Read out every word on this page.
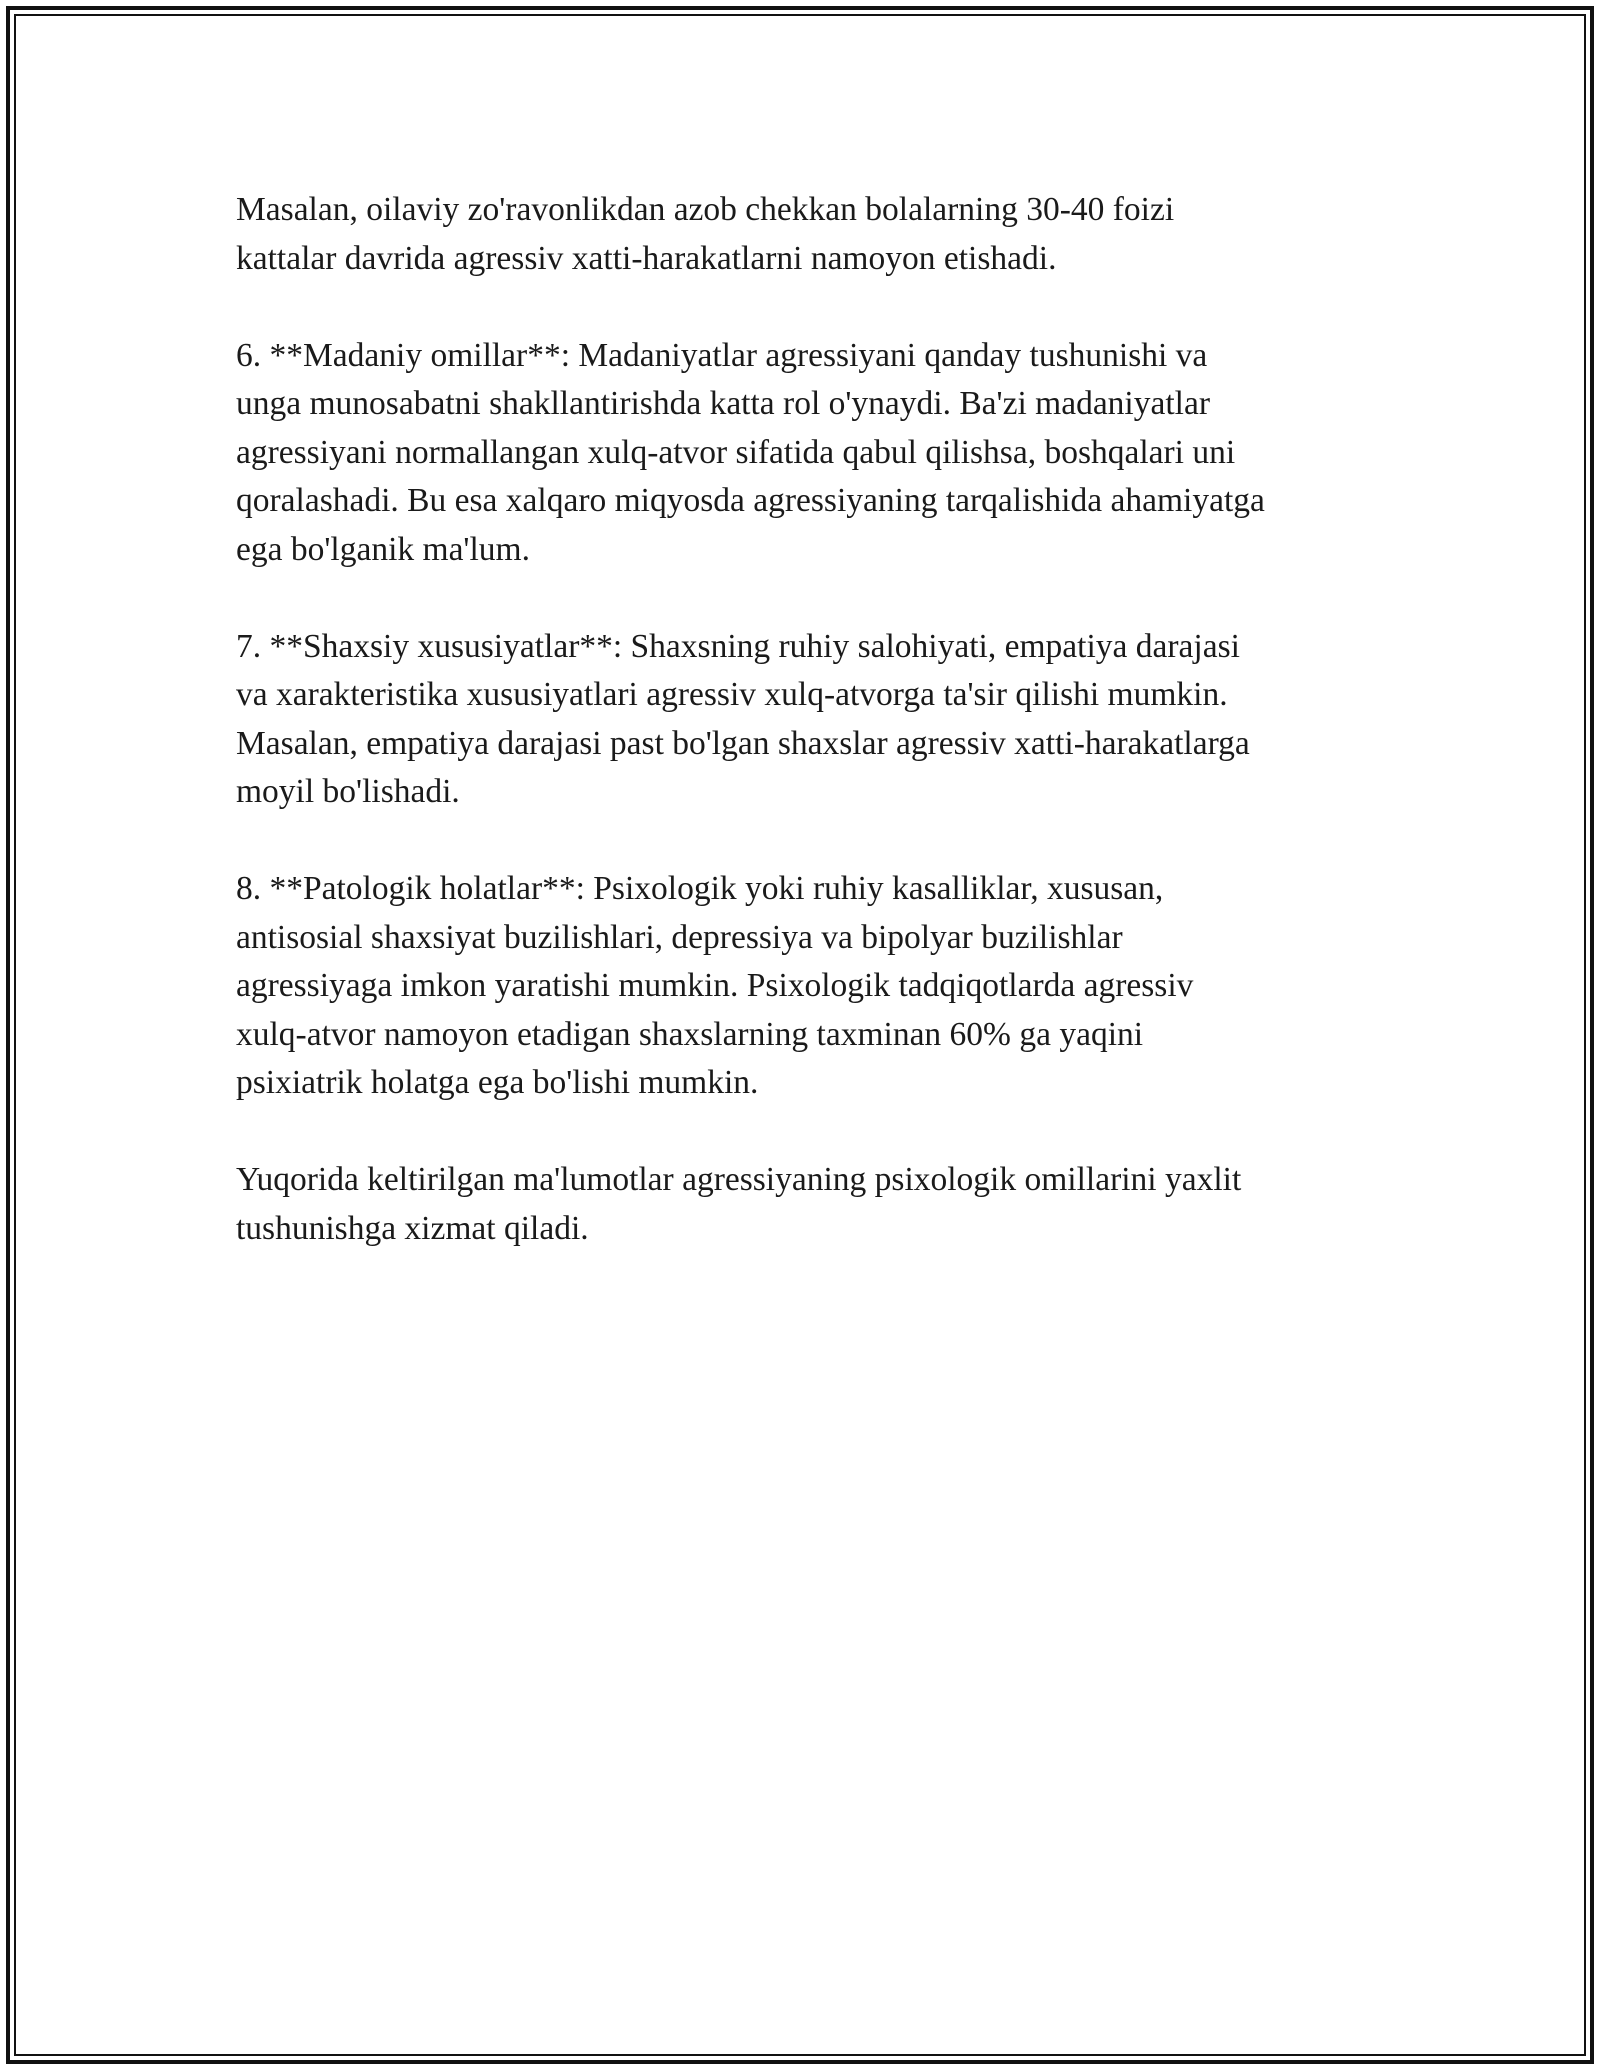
Masalan, oilaviy zo'ravonlikdan azob chekkan bolalarning 30-40 foizi
kattalar davrida agressiv xatti-harakatlarni namoyon etishadi.

6. **Madaniy omillar**: Madaniyatlar agressiyani qanday tushunishi va
unga munosabatni shakllantirishda katta rol o'ynaydi. Ba'zi madaniyatlar
agressiyani normallangan xulq-atvor sifatida qabul qilishsa, boshqalari uni
qoralashadi. Bu esa xalqaro miqyosda agressiyaning tarqalishida ahamiyatga
ega bo'lganik ma'lum.

7. **Shaxsiy xususiyatlar**: Shaxsning ruhiy salohiyati, empatiya darajasi
va xarakteristika xususiyatlari agressiv xulq-atvorga ta'sir qilishi mumkin.
Masalan, empatiya darajasi past bo'lgan shaxslar agressiv xatti-harakatlarga
moyil bo'lishadi.

8. **Patologik holatlar**: Psixologik yoki ruhiy kasalliklar, xususan,
antisosial shaxsiyat buzilishlari, depressiya va bipolyar buzilishlar
agressiyaga imkon yaratishi mumkin. Psixologik tadqiqotlarda agressiv
xulq-atvor namoyon etadigan shaxslarning taxminan 60% ga yaqini
psixiatrik holatga ega bo'lishi mumkin.

Yuqorida keltirilgan ma'lumotlar agressiyaning psixologik omillarini yaxlit
tushunishga xizmat qiladi.
